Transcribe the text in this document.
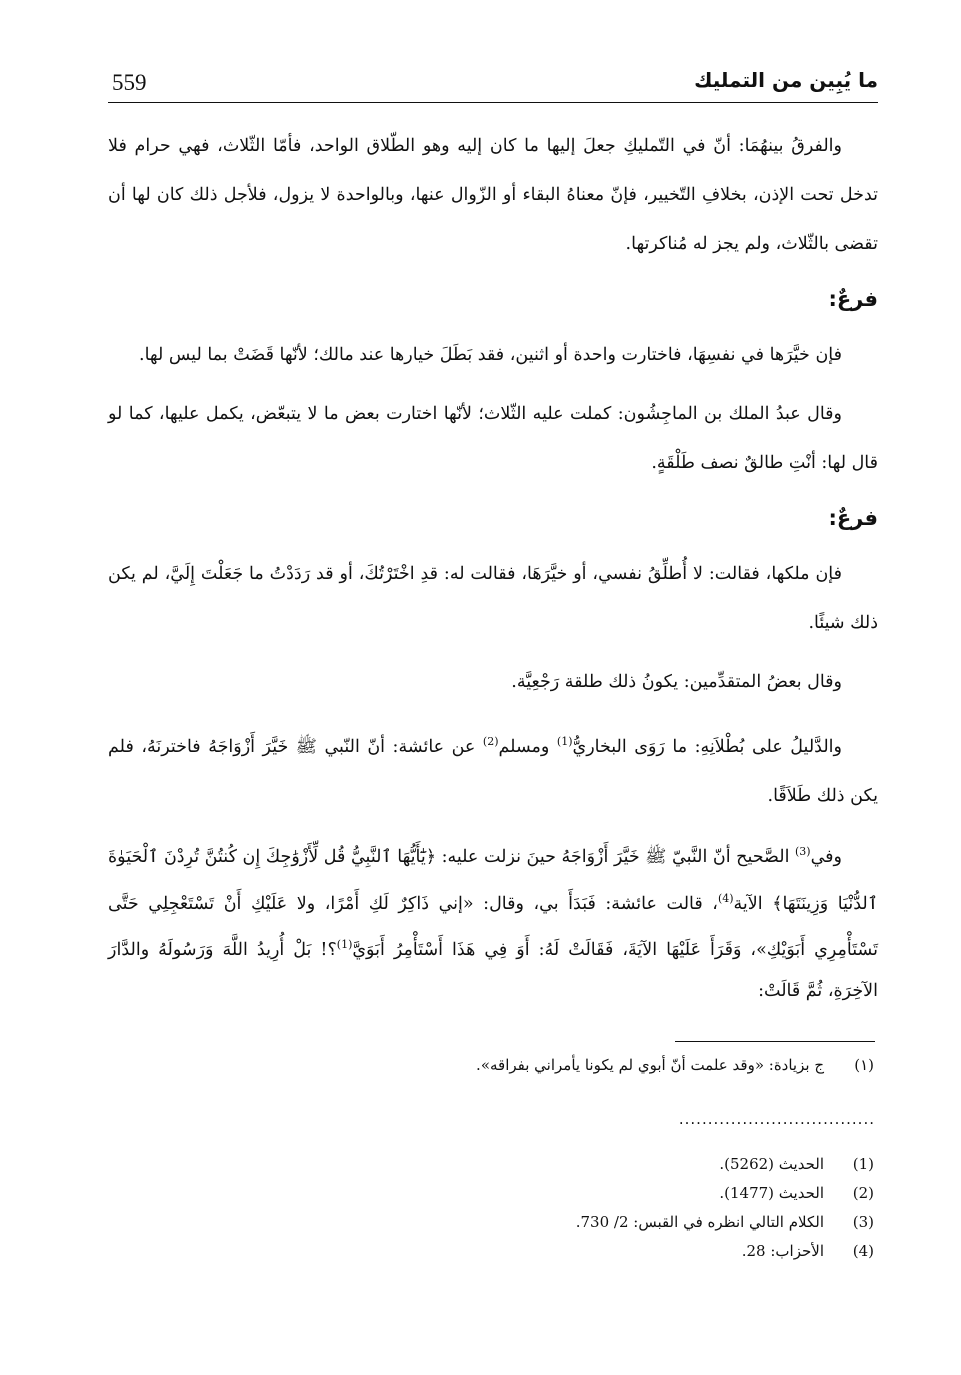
559	ما يُبِين من التمليك

والفرقُ بينهُمَا: أنّ في التّمليكِ جعلَ إليها ما كان إليه وهو الطّلاق الواحد، فأمّا الثّلاث، فهي حرام فلا تدخل تحت الإذن، بخلافِ التّخيير، فإنّ معناهُ البقاء أو الزّوال عنها، وبالواحدة لا يزول، فلأجل ذلك كان لها أن تقضى بالثّلاث، ولم يجز له مُناكرتها.

فرعٌ:

فإن خيَّرَها في نفسِهَا، فاختارت واحدة أو اثنين، فقد بَطَلَ خيارها عند مالك؛ لأنّها قَضَتْ بما ليس لها.

وقال عبدُ الملك بن الماجِشُون: كملت عليه الثّلاث؛ لأنّها اختارت بعض ما لا يتبعّض، يكمل عليها، كما لو قال لها: أنْتِ طالقٌ نصف طَلْقَةٍ.

فرعٌ:

فإن ملكها، فقالت: لا أُطلِّقُ نفسي، أو خيَّرَهَا، فقالت له: قدِ اخْتَرْتُكَ، أو قد رَدَدْتُ ما جَعَلْتَ إِلَيَّ، لم يكن ذلك شيئًا.

وقال بعضُ المتقدِّمين: يكونُ ذلك طلقة رَجْعِيَّة.

والدَّليلُ على بُطْلاَنِهِ: ما رَوَى البخاريُّ$^{(1)}$ ومسلم$^{(2)}$ عن عائشة: أنّ النّبي ﷺ خَيَّرَ أَزْوَاجَهُ فاخترنَهُ، فلم يكن ذلك طَلاَقًا.

وفي$^{(3)}$ الصَّحيح أنّ النَّبيّ ﷺ خَيَّرَ أَزْوَاجَهُ حينَ نزلت عليه: ﴿يَٰٓأَيُّهَا ٱلنَّبِيُّ قُل لِّأَزْوَٰجِكَ إِن كُنتُنَّ تُرِدْنَ ٱلْحَيَوٰةَ ٱلدُّنْيَا وَزِينَتَهَا﴾ الآية$^{(4)}$، قالت عائشة: فَبَدَأَ بي، وقال: «إني ذَاكِرٌ لَكِ أَمْرًا، ولا عَلَيْكِ أَنْ تَسْتَعْجِلِي حَتَّى تَسْتَأْمِرِي أَبَوَيْكِ»، وَقَرَأَ عَلَيْهَا الآيَةَ، فَقَالَتْ لَهُ: أَوَ فِي هَذَا أَسْتَأْمِرُ أَبَوَيَّ$^{(1)}$؟! بَلْ أُرِيدُ اللَّهَ وَرَسُولَهُ والدَّارَ الآخِرَةِ، ثُمَّ قَالَتْ:

(١)
ج بزيادة: «وقد علمت أنّ أبوي لم يكونا يأمراني بفراقه».
..................................
(1)
الحديث (5262).
(2)
الحديث (1477).
(3)
الكلام التالي انظره في القبس: 2/ 730.
(4)
الأحزاب: 28.
